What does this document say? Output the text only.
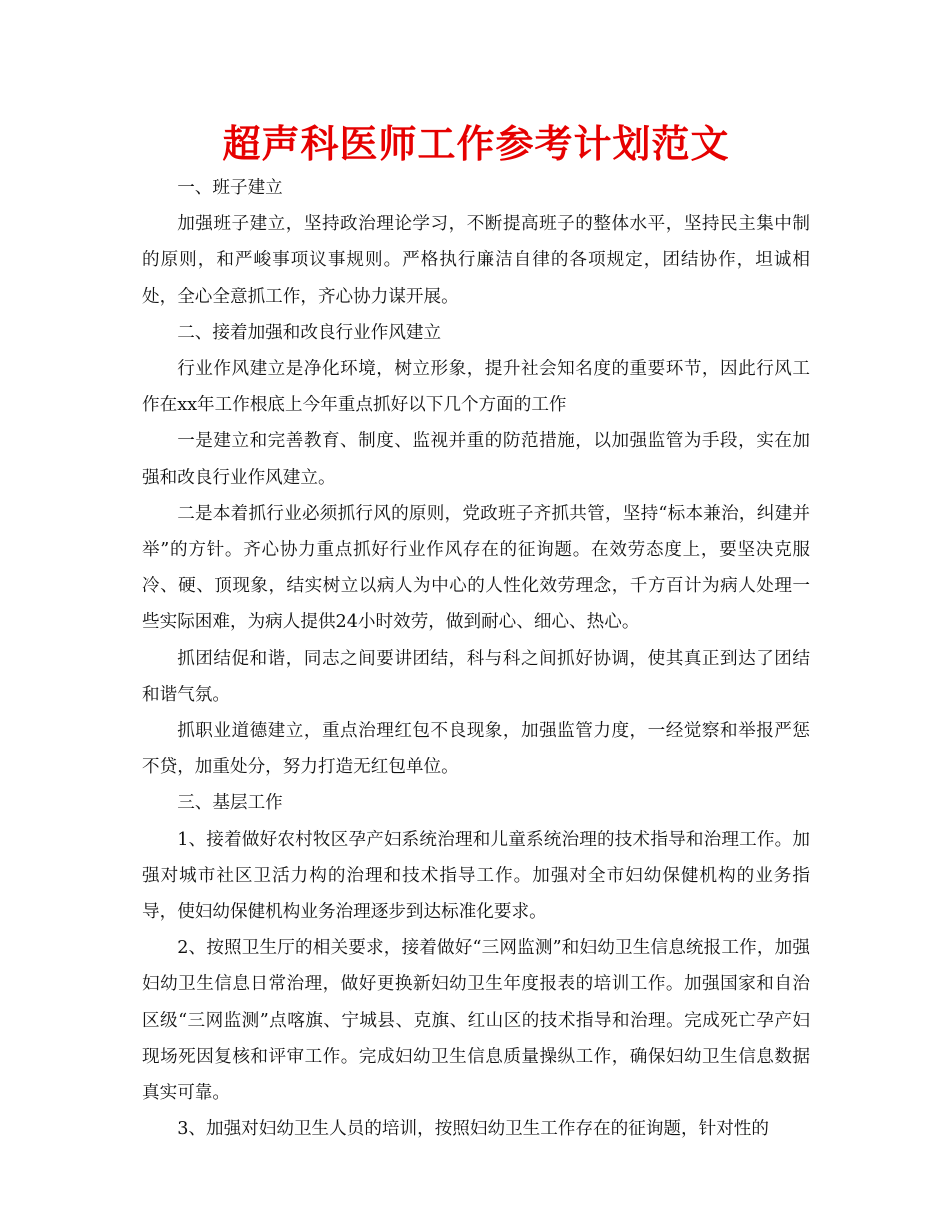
超声科医师工作参考计划范文

一、班子建立

加强班子建立，坚持政治理论学习，不断提高班子的整体水平，坚持民主集中制的原则，和严峻事项议事规则。严格执行廉洁自律的各项规定，团结协作，坦诚相处，全心全意抓工作，齐心协力谋开展。

二、接着加强和改良行业作风建立

行业作风建立是净化环境，树立形象，提升社会知名度的重要环节，因此行风工作在xx年工作根底上今年重点抓好以下几个方面的工作

一是建立和完善教育、制度、监视并重的防范措施，以加强监管为手段，实在加强和改良行业作风建立。

二是本着抓行业必须抓行风的原则，党政班子齐抓共管，坚持“标本兼治，纠建并举”的方针。齐心协力重点抓好行业作风存在的征询题。在效劳态度上，要坚决克服冷、硬、顶现象，结实树立以病人为中心的人性化效劳理念，千方百计为病人处理一些实际困难，为病人提供24小时效劳，做到耐心、细心、热心。

抓团结促和谐，同志之间要讲团结，科与科之间抓好协调，使其真正到达了团结和谐气氛。

抓职业道德建立，重点治理红包不良现象，加强监管力度，一经觉察和举报严惩不贷，加重处分，努力打造无红包单位。

三、基层工作

1、接着做好农村牧区孕产妇系统治理和儿童系统治理的技术指导和治理工作。加强对城市社区卫活力构的治理和技术指导工作。加强对全市妇幼保健机构的业务指导，使妇幼保健机构业务治理逐步到达标准化要求。

2、按照卫生厅的相关要求，接着做好“三网监测”和妇幼卫生信息统报工作，加强妇幼卫生信息日常治理，做好更换新妇幼卫生年度报表的培训工作。加强国家和自治区级“三网监测”点喀旗、宁城县、克旗、红山区的技术指导和治理。完成死亡孕产妇现场死因复核和评审工作。完成妇幼卫生信息质量操纵工作，确保妇幼卫生信息数据真实可靠。

3、加强对妇幼卫生人员的培训，按照妇幼卫生工作存在的征询题，针对性的
